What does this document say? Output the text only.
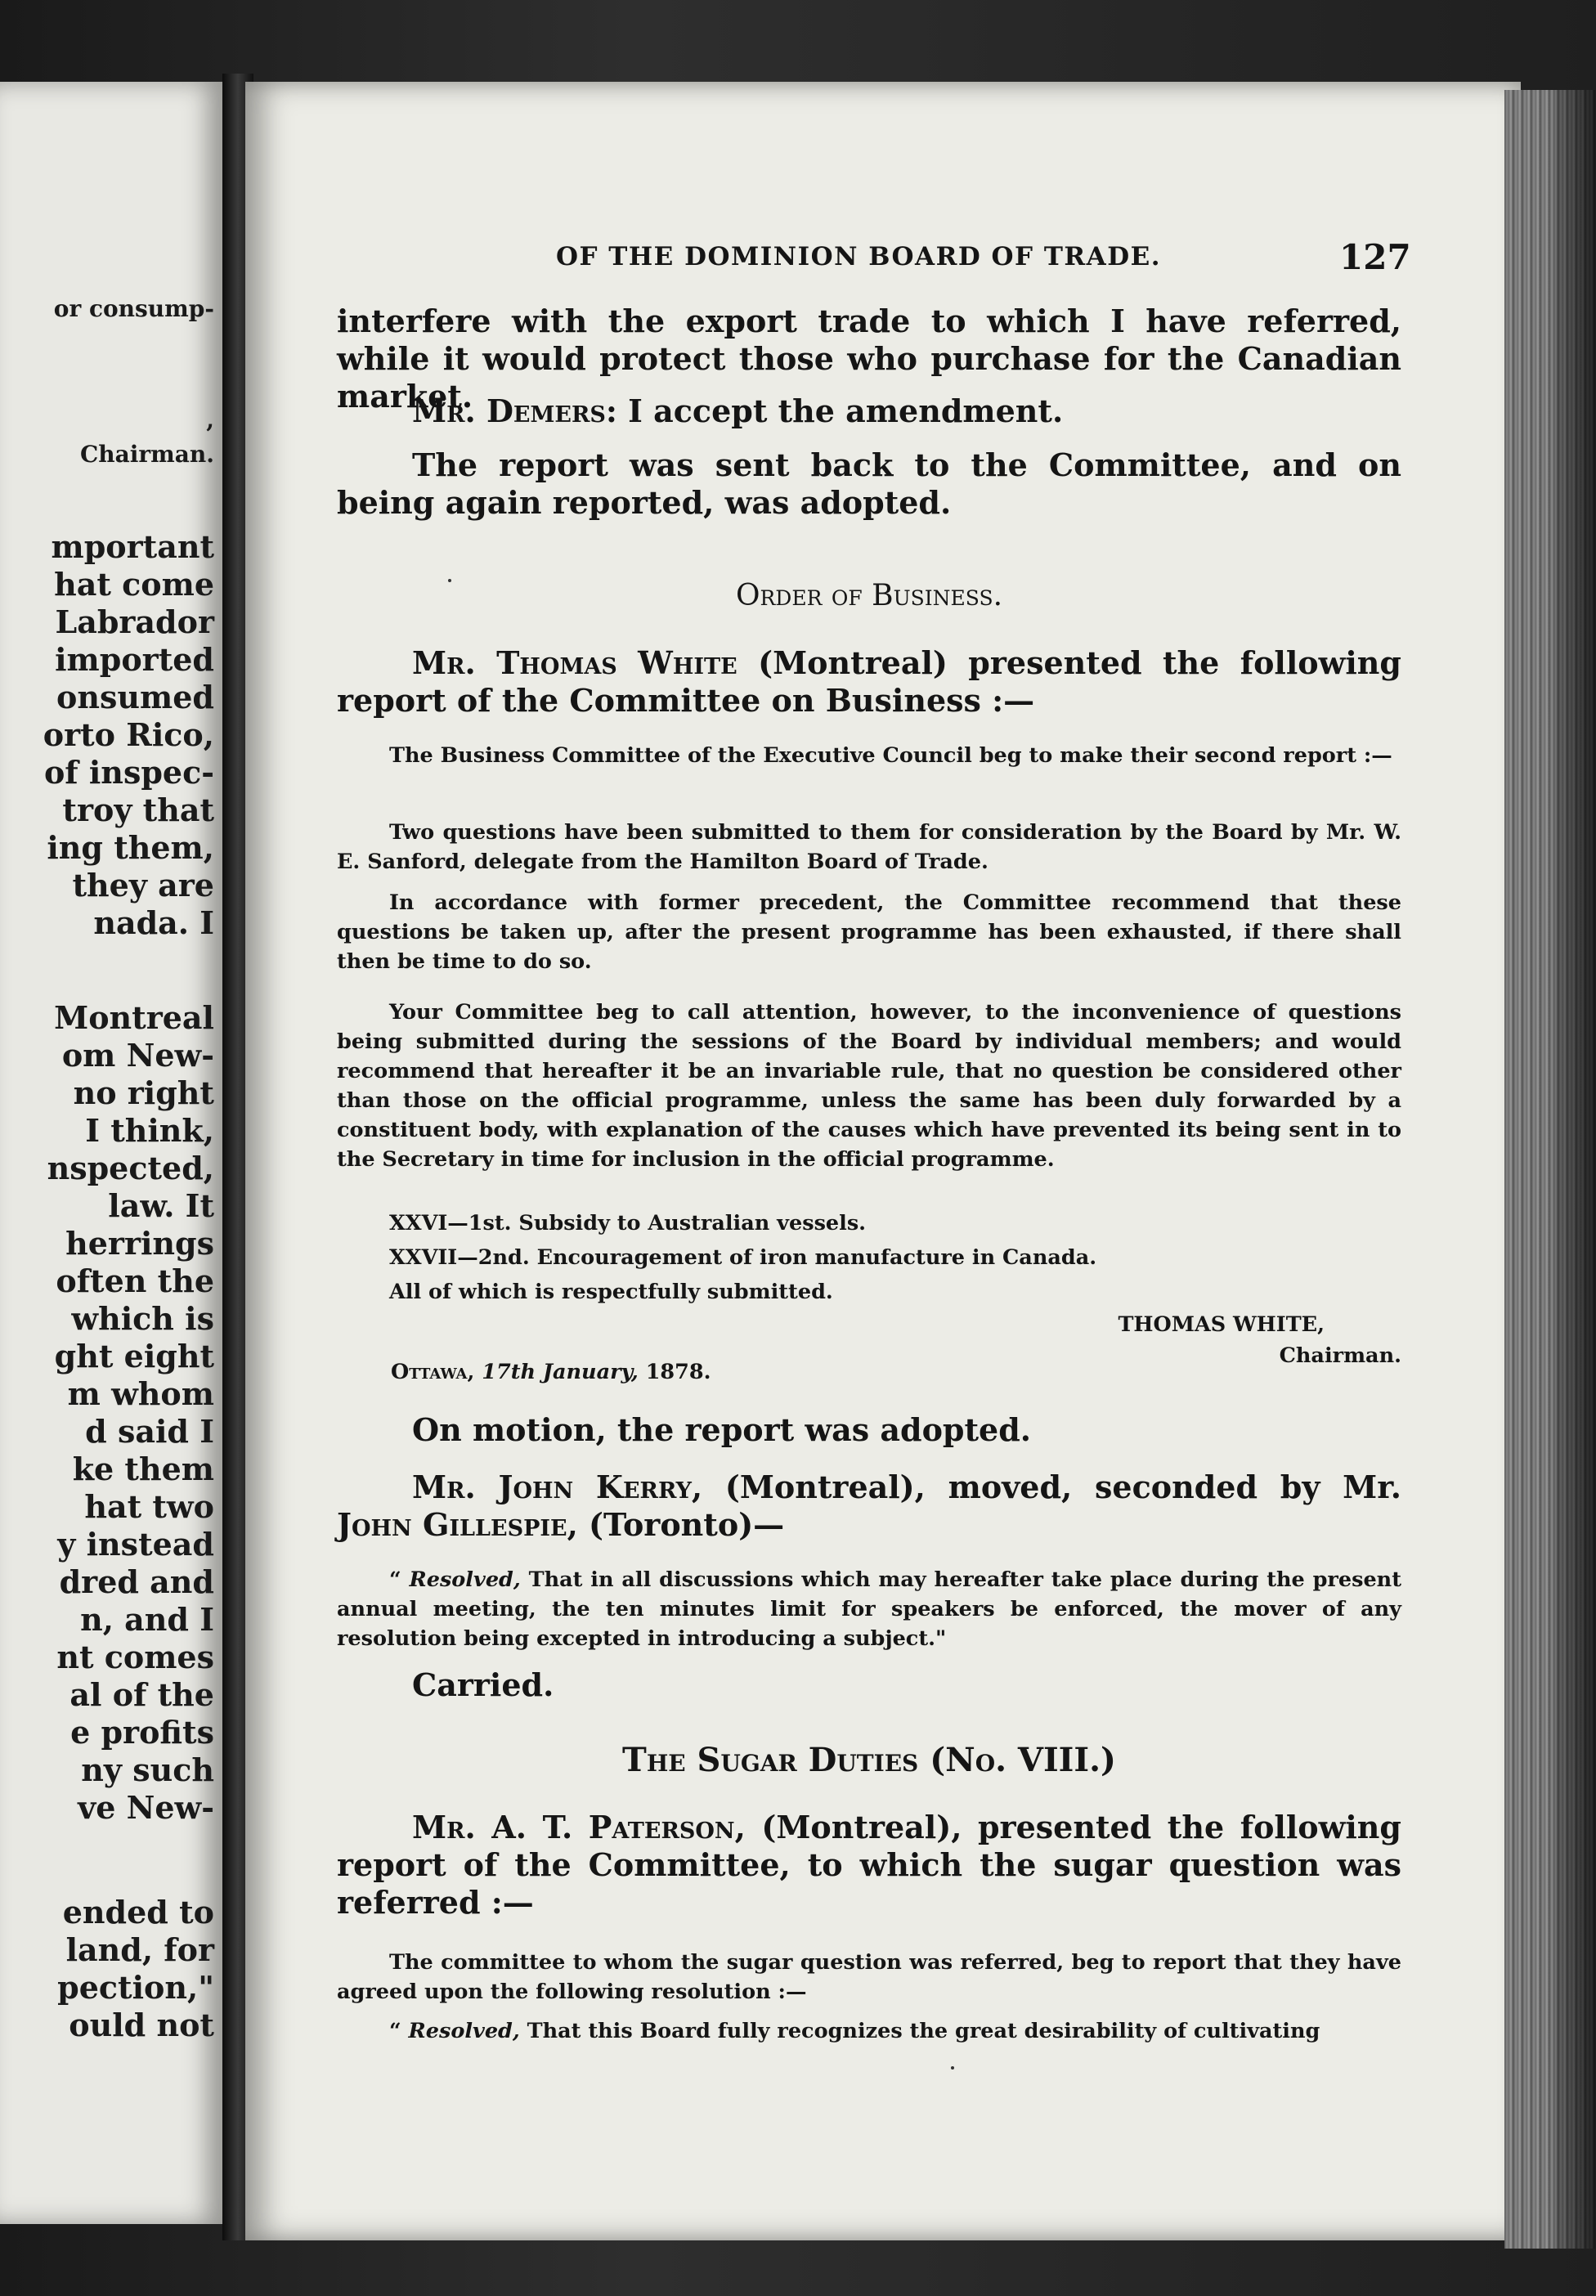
or consump-
,
Chairman.
mportant
hat come
Labrador
imported
onsumed
orto Rico,
of inspec-
troy that
ing them,
they are
nada. I
Montreal
om New-
no right
I think,
nspected,
law. It
herrings
often the
which is
ght eight
m whom
d said I
ke them
hat two
y instead
dred and
n, and I
nt comes
al of the
e profits
ny such
ve New-
ended to
land, for
pection,"
ould not
OF THE DOMINION BOARD OF TRADE.	127
interfere with the export trade to which I have referred, while it would protect those who purchase for the Canadian market.
Mr. Demers: I accept the amendment.
The report was sent back to the Committee, and on being again reported, was adopted.
Order of Business.
Mr. Thomas White (Montreal) presented the following report of the Committee on Business :—
The Business Committee of the Executive Council beg to make their second report :—
Two questions have been submitted to them for consideration by the Board by Mr. W. E. Sanford, delegate from the Hamilton Board of Trade.
In accordance with former precedent, the Committee recommend that these questions be taken up, after the present programme has been exhausted, if there shall then be time to do so.
Your Committee beg to call attention, however, to the inconvenience of questions being submitted during the sessions of the Board by individual members; and would recommend that hereafter it be an invariable rule, that no question be considered other than those on the official programme, unless the same has been duly forwarded by a constituent body, with explanation of the causes which have prevented its being sent in to the Secretary in time for inclusion in the official programme.
XXVI—1st. Subsidy to Australian vessels.
XXVII—2nd. Encouragement of iron manufacture in Canada.
All of which is respectfully submitted.
THOMAS WHITE,
Chairman.
Ottawa, 17th January, 1878.
On motion, the report was adopted.
Mr. John Kerry, (Montreal), moved, seconded by Mr. John Gillespie, (Toronto)—
“ Resolved, That in all discussions which may hereafter take place during the present annual meeting, the ten minutes limit for speakers be enforced, the mover of any resolution being excepted in introducing a subject."
Carried.
The Sugar Duties (No. VIII.)
Mr. A. T. Paterson, (Montreal), presented the following report of the Committee, to which the sugar question was referred :—
The committee to whom the sugar question was referred, beg to report that they have agreed upon the following resolution :—
“ Resolved, That this Board fully recognizes the great desirability of cultivating
